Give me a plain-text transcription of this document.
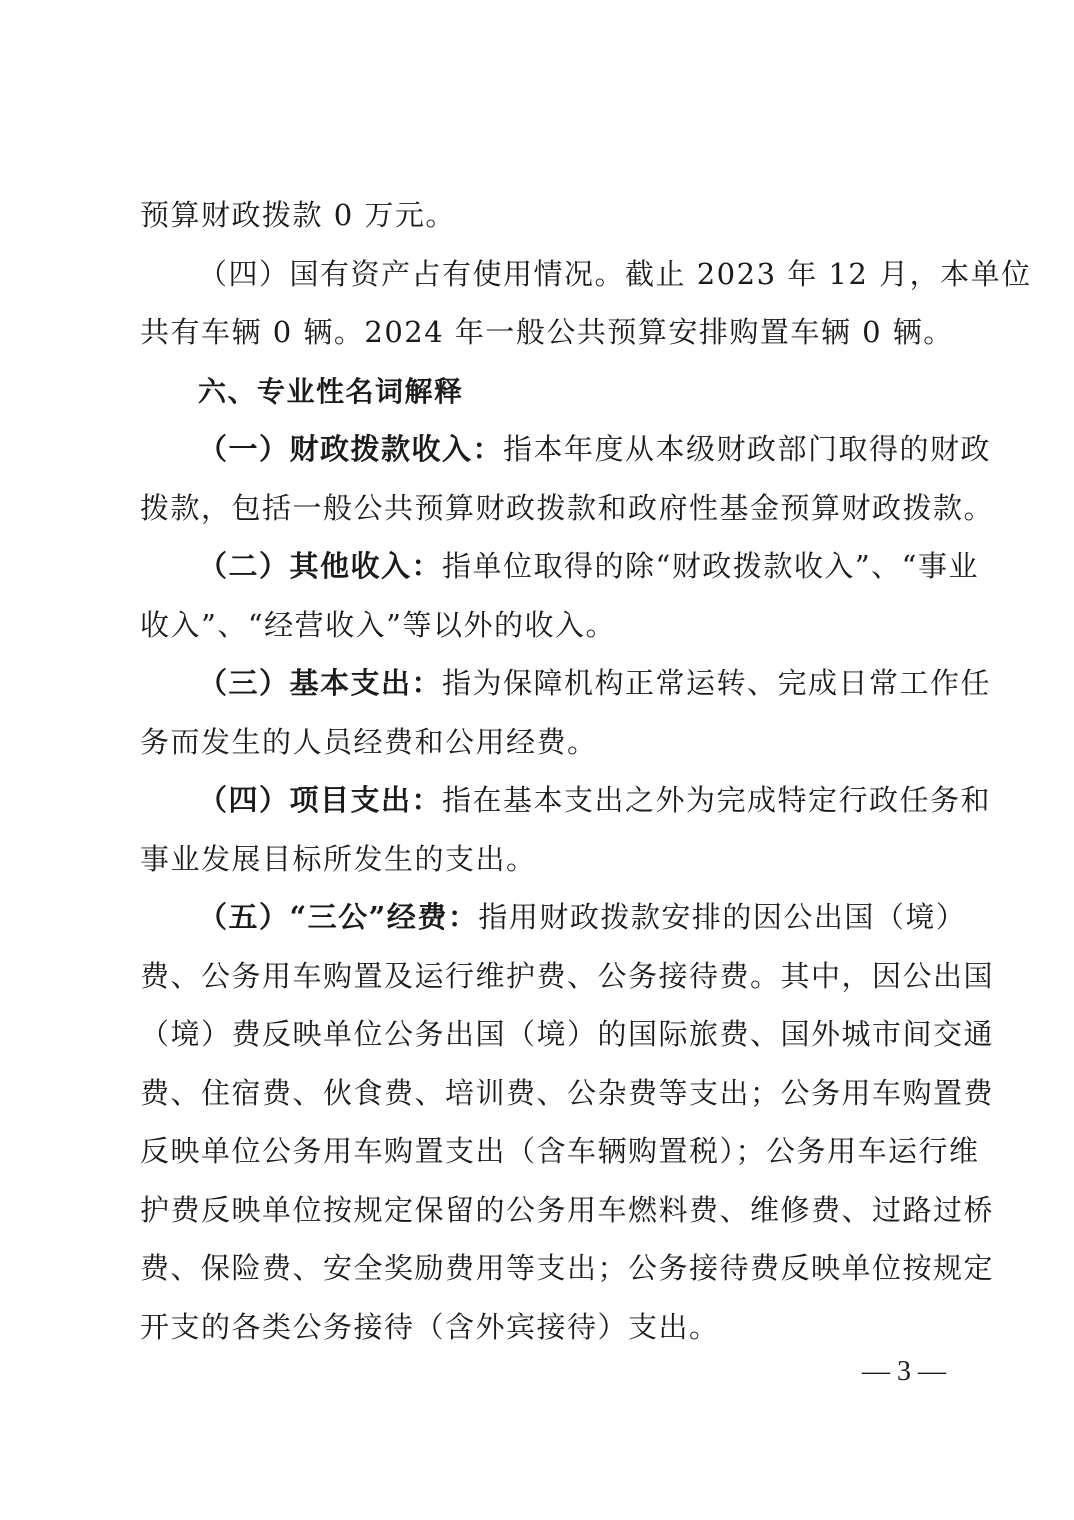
预算财政拨款 0 万元。
（四）国有资产占有使用情况。截止 2023 年 12 月，本单位
共有车辆 0 辆。2024 年一般公共预算安排购置车辆 0 辆。
六、专业性名词解释
（一）财政拨款收入：指本年度从本级财政部门取得的财政
拨款，包括一般公共预算财政拨款和政府性基金预算财政拨款。
（二）其他收入：指单位取得的除“财政拨款收入”、“事业
收入”、“经营收入”等以外的收入。
（三）基本支出：指为保障机构正常运转、完成日常工作任
务而发生的人员经费和公用经费。
（四）项目支出：指在基本支出之外为完成特定行政任务和
事业发展目标所发生的支出。
（五）“三公”经费：指用财政拨款安排的因公出国（境）
费、公务用车购置及运行维护费、公务接待费。其中，因公出国
（境）费反映单位公务出国（境）的国际旅费、国外城市间交通
费、住宿费、伙食费、培训费、公杂费等支出；公务用车购置费
反映单位公务用车购置支出（含车辆购置税）；公务用车运行维
护费反映单位按规定保留的公务用车燃料费、维修费、过路过桥
费、保险费、安全奖励费用等支出；公务接待费反映单位按规定
开支的各类公务接待（含外宾接待）支出。
— 3 —
